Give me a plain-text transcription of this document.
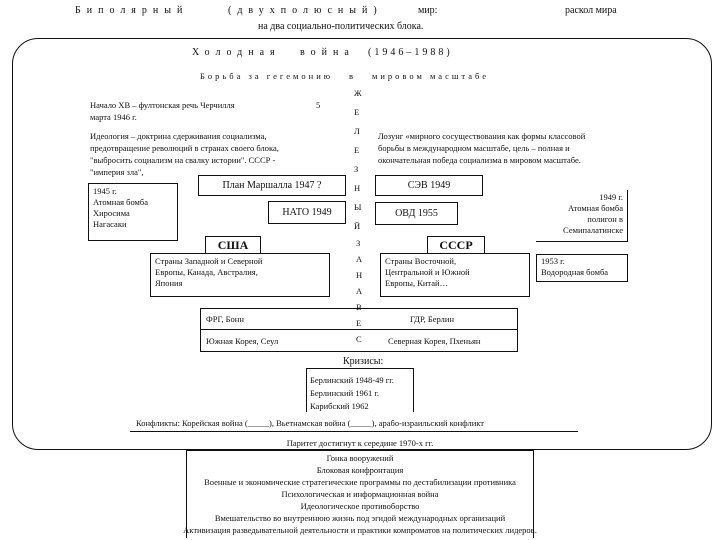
Биполярный	(двухполюсный)	мир:
на два социально-политических блока.
раскол мира
Холодная война (1946–1988)
Борьба за гегемонию в мировом масштабе
Ж
Е
Л
Е
З
Н
Ы
Й
З
А
Н
А
В
Е
С
Начало ХВ – фултонская речь Черчилля	5
марта 1946 г.
Идеология – доктрина сдерживания социализма,
предотвращение революций в странах своего блока,
"выбросить социализм на свалку истории". СССР -
"империя зла",
1945 г.
Атомная бомба
Хиросима
Нагасаки
План Маршалла 1947 ?
НАТО 1949
США
Страны Западной и Северной
Европы, Канада, Австралия,
Япония
Лозунг «мирного сосуществования как формы классовой
борьбы в международном масштабе, цель – полная и
окончательная победа социализма в мировом масштабе.
СЭВ 1949
ОВД 1955
1949 г.
Атомная бомба
полигон в
Семипалатинске
СССР
Страны Восточной,
Центральной и Южной
Европы, Китай…
1953 г.
Водородная бомба
ФРГ, Бонн	ГДР, Берлин
Южная Корея, Сеул	Северная Корея, Пхеньян
Кризисы:
Берлинский 1948-49 гг.
Берлинский 1961 г.
Карибский 1962
Конфликты: Корейская война (_____), Вьетнамская война (_____), арабо-израильский конфликт
Паритет достигнут к середине 1970-х гг.
Гонка вооружений
Блоковая конфронтация
Военные и экономические стратегические программы по дестабилизации противника
Психологическая и информационная война
Идеологическое противоборство
Вмешательство во внутреннюю жизнь под эгидой международных организаций
Активизация разведывательной деятельности и практики компроматов на политических лидеров.
